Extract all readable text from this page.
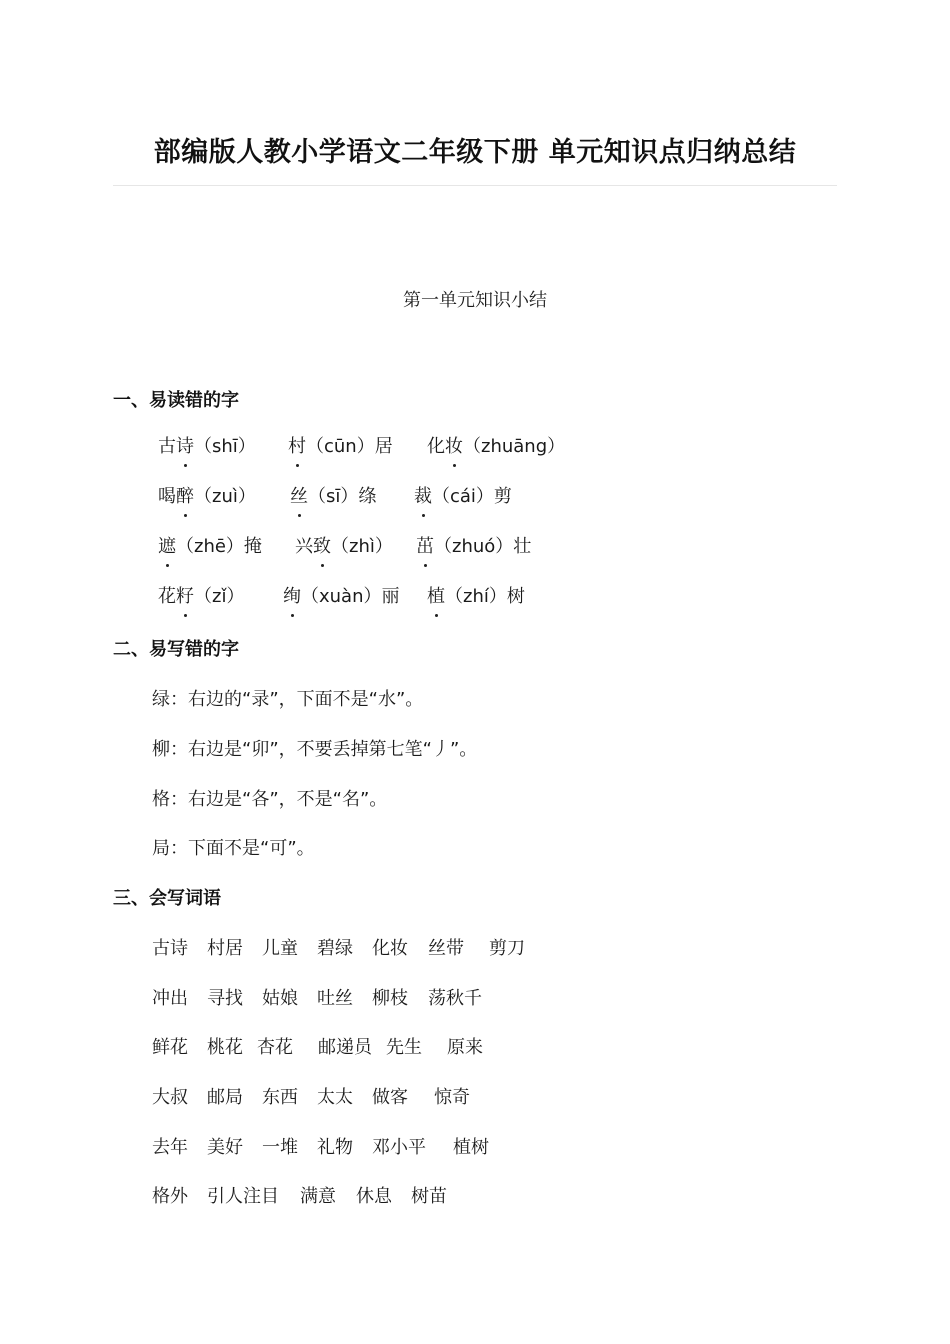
部编版人教小学语文二年级下册 单元知识点归纳总结
第一单元知识小结
一、易读错的字
古诗（shī） 村（cūn）居 化妆（zhuāng）
喝醉（zuì） 丝（sī）绦 裁（cái）剪
遮（zhē）掩 兴致（zhì） 茁（zhuó）壮
花籽（zǐ） 绚（xuàn）丽 植（zhí）树
二、易写错的字
绿：右边的“录”，下面不是“水”。
柳：右边是“卯”，不要丢掉第七笔“丿”。
格：右边是“各”，不是“名”。
局：下面不是“可”。
三、会写词语
古诗 村居 儿童 碧绿 化妆 丝带 剪刀
冲出 寻找 姑娘 吐丝 柳枝 荡秋千
鲜花 桃花 杏花 邮递员 先生 原来
大叔 邮局 东西 太太 做客 惊奇
去年 美好 一堆 礼物 邓小平 植树
格外 引人注目 满意 休息 树苗
